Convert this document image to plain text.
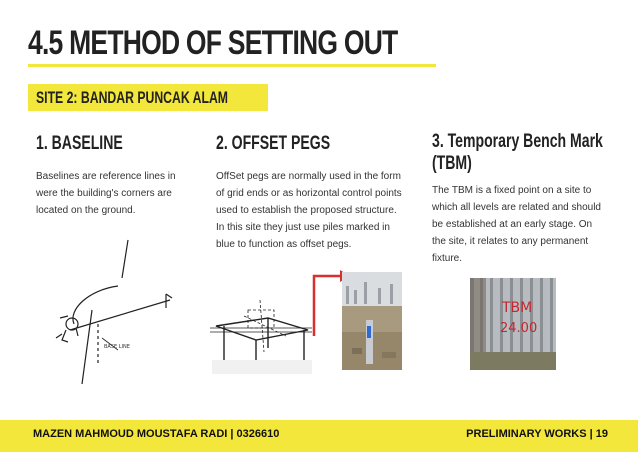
4.5 METHOD OF SETTING OUT
SITE 2: BANDAR PUNCAK ALAM
1. BASELINE
Baselines are reference lines in were the building's corners are located on the ground.
2. OFFSET PEGS
OffSet pegs are normally used in the form of grid ends or as horizontal control points used to establish the proposed structure. In this site they just use piles marked in blue to function as offset pegs.
3. Temporary Bench Mark
(TBM)
The TBM is a fixed point on a site to which all levels are related and should be established at an early stage. On the site, it relates to any permanent fixture.
BASE LINE
TBM
24.00
MAZEN MAHMOUD MOUSTAFA RADI | 0326610	PRELIMINARY WORKS | 19
